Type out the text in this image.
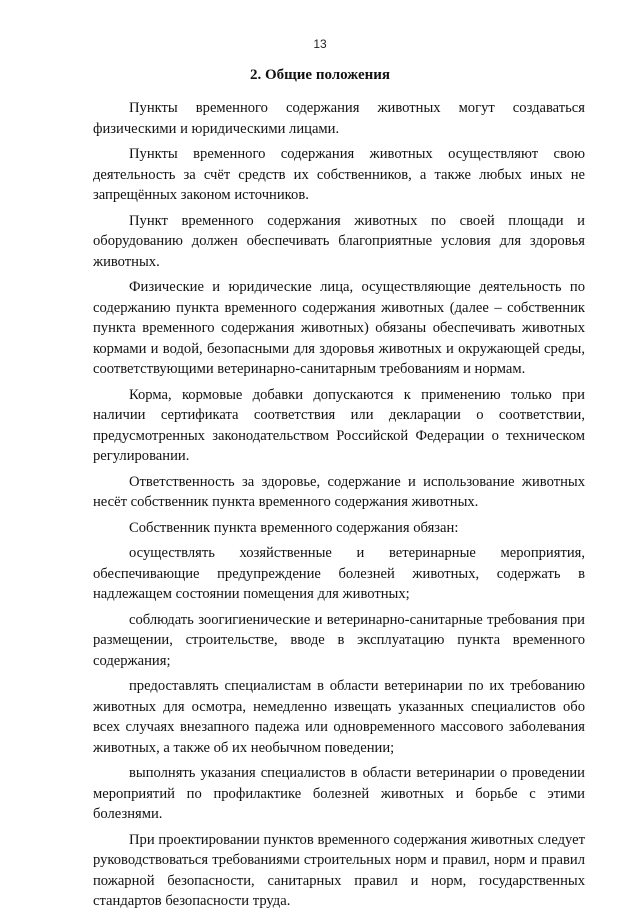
13
2. Общие положения

Пункты временного содержания животных могут создаваться физическими и юридическими лицами.

Пункты временного содержания животных осуществляют свою деятельность за счёт средств их собственников, а также любых иных не запрещённых законом источников.

Пункт временного содержания животных по своей площади и оборудованию должен обеспечивать благоприятные условия для здоровья животных.

Физические и юридические лица, осуществляющие деятельность по содержанию пункта временного содержания животных (далее – собственник пункта временного содержания животных) обязаны обеспечивать животных кормами и водой, безопасными для здоровья животных и окружающей среды, соответствующими ветеринарно-санитарным требованиям и нормам.

Корма, кормовые добавки допускаются к применению только при наличии сертификата соответствия или декларации о соответствии, предусмотренных законодательством Российской Федерации о техническом регулировании.

Ответственность за здоровье, содержание и использование животных несёт собственник пункта временного содержания животных.

Собственник пункта временного содержания обязан:

осуществлять хозяйственные и ветеринарные мероприятия, обеспечивающие предупреждение болезней животных, содержать в надлежащем состоянии помещения для животных;

соблюдать зоогигиенические и ветеринарно-санитарные требования при размещении, строительстве, вводе в эксплуатацию пункта временного содержания;

предоставлять специалистам в области ветеринарии по их требованию животных для осмотра, немедленно извещать указанных специалистов обо всех случаях внезапного падежа или одновременного массового заболевания животных, а также об их необычном поведении;

выполнять указания специалистов в области ветеринарии о проведении мероприятий по профилактике болезней животных и борьбе с этими болезнями.

При проектировании пунктов временного содержания животных следует руководствоваться требованиями строительных норм и правил, норм и правил пожарной безопасности, санитарных правил и норм, государственных стандартов безопасности труда.
